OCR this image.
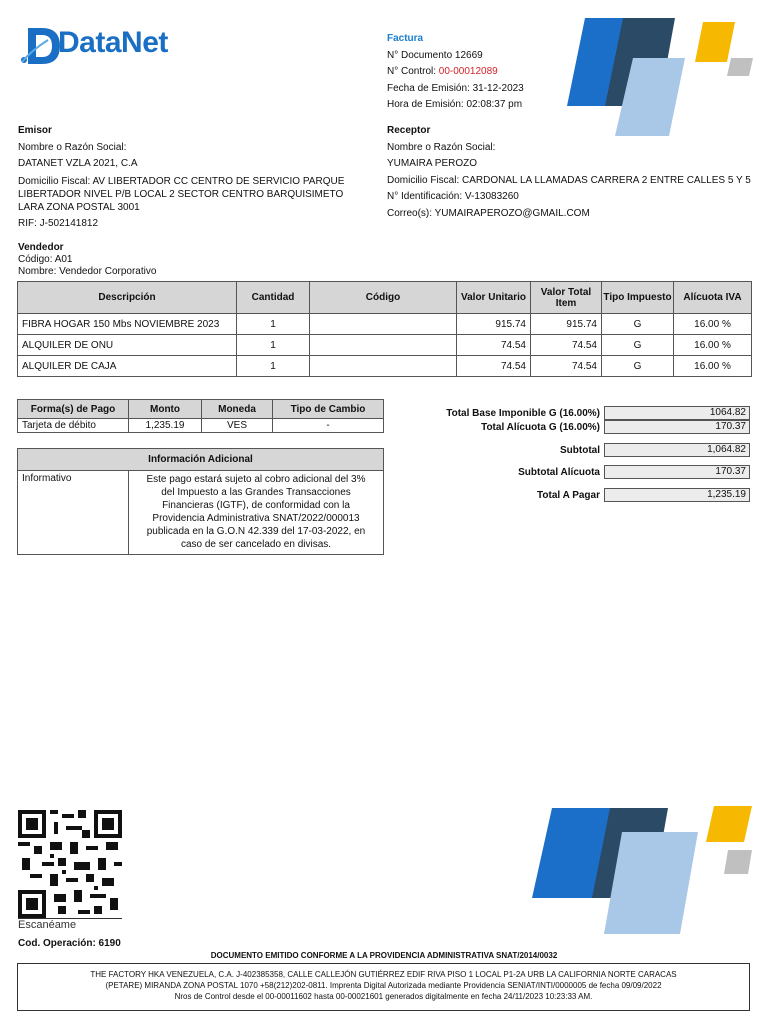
DataNet	Factura
N° Documento 12669
N° Control: 00-00012089
Fecha de Emisión: 31-12-2023
Hora de Emisión: 02:08:37 pm
Emisor
Nombre o Razón Social:
DATANET VZLA 2021, C.A
Domicilio Fiscal: AV LIBERTADOR CC CENTRO DE SERVICIO PARQUE LIBERTADOR NIVEL P/B LOCAL 2 SECTOR CENTRO BARQUISIMETO LARA ZONA POSTAL 3001
RIF: J-502141812
Receptor
Nombre o Razón Social:
YUMAIRA PEROZO
Domicilio Fiscal: CARDONAL LA LLAMADAS CARRERA 2 ENTRE CALLES 5 Y 5
N° Identificación: V-13083260
Correo(s): YUMAIRAPEROZO@GMAIL.COM
Vendedor
Código: A01
Nombre: Vendedor Corporativo
Descripción	Cantidad	Código	Valor Unitario	Valor Total Item	Tipo Impuesto	Alícuota IVA
FIBRA HOGAR 150 Mbs NOVIEMBRE 2023	1		915.74	915.74	G	16.00 %
ALQUILER DE ONU	1		74.54	74.54	G	16.00 %
ALQUILER DE CAJA	1		74.54	74.54	G	16.00 %
Forma(s) de Pago	Monto	Moneda	Tipo de Cambio
Tarjeta de débito	1,235.19	VES	-
Información Adicional
Informativo	Este pago estará sujeto al cobro adicional del 3% del Impuesto a las Grandes Transacciones Financieras (IGTF), de conformidad con la Providencia Administrativa SNAT/2022/000013 publicada en la G.O.N 42.339 del 17-03-2022, en caso de ser cancelado en divisas.
Total Base Imponible G (16.00%)	1064.82
Total Alícuota G (16.00%)	170.37
Subtotal	1,064.82
Subtotal Alícuota	170.37
Total A Pagar	1,235.19
Escanéame
Cod. Operación: 6190
DOCUMENTO EMITIDO CONFORME A LA PROVIDENCIA ADMINISTRATIVA SNAT/2014/0032
THE FACTORY HKA VENEZUELA, C.A. J-402385358, CALLE CALLEJÓN GUTIÉRREZ EDIF RIVA PISO 1 LOCAL P1-2A URB LA CALIFORNIA NORTE CARACAS
(PETARE) MIRANDA ZONA POSTAL 1070 +58(212)202-0811. Imprenta Digital Autorizada mediante Providencia SENIAT/INTI/0000005 de fecha 09/09/2022
Nros de Control desde el 00-00011602 hasta 00-00021601 generados digitalmente en fecha 24/11/2023 10:23:33 AM.
